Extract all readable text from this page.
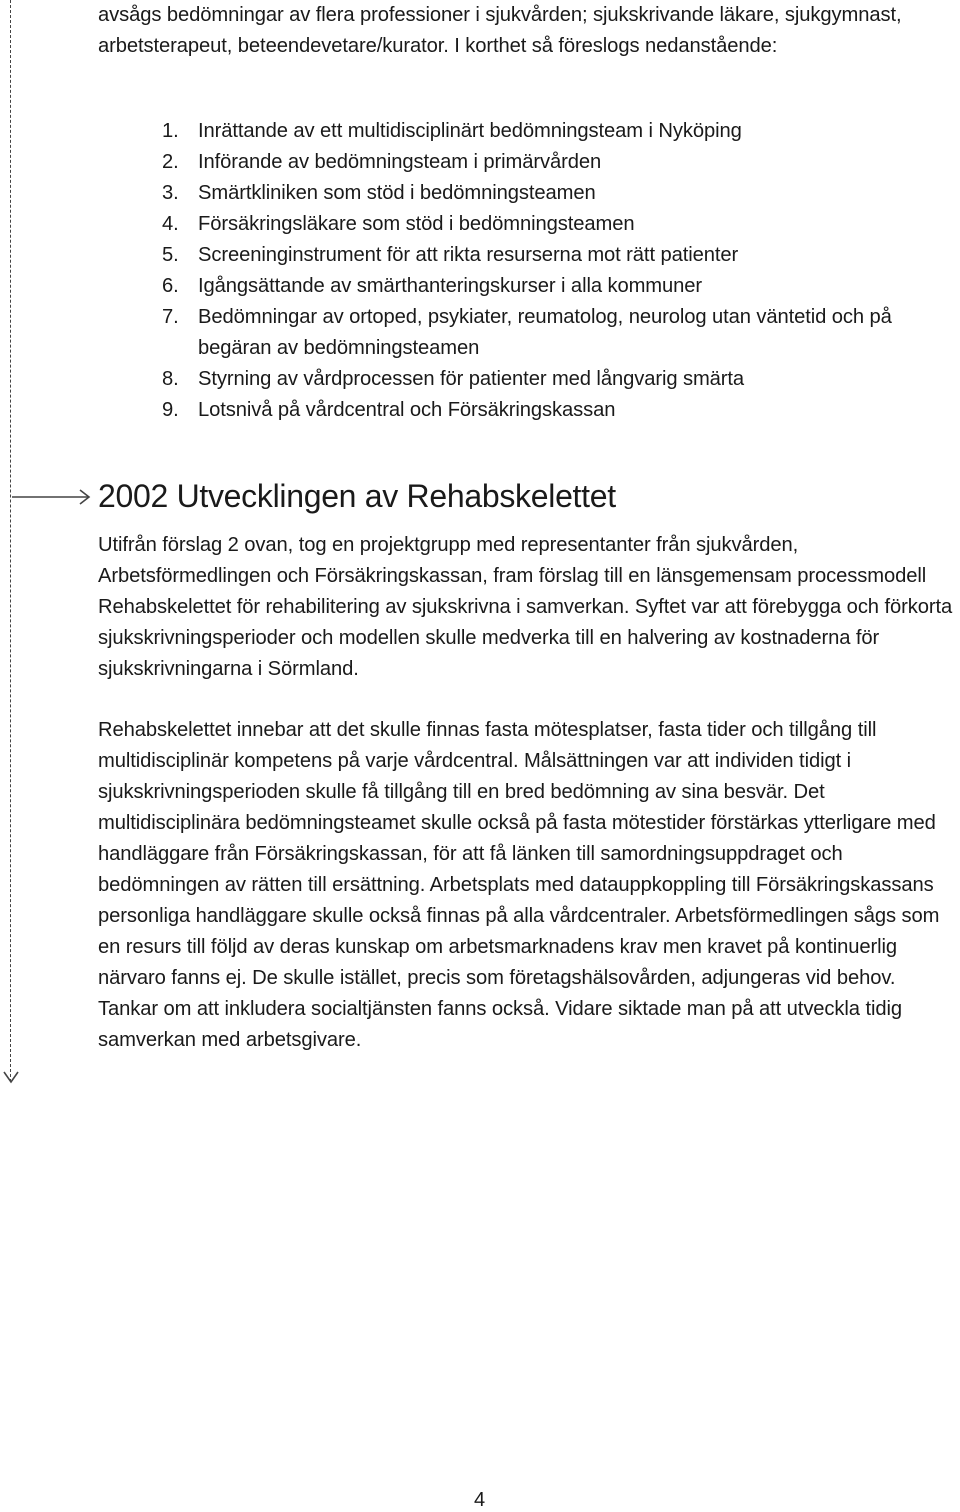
avsågs bedömningar av flera professioner i sjukvården; sjukskrivande läkare, sjukgymnast, arbetsterapeut, beteendevetare/kurator. I korthet så föreslogs nedanstående:

1. Inrättande av ett multidisciplinärt bedömningsteam i Nyköping
2. Införande av bedömningsteam i primärvården
3. Smärtkliniken som stöd i bedömningsteamen
4. Försäkringsläkare som stöd i bedömningsteamen
5. Screeninginstrument för att rikta resurserna mot rätt patienter
6. Igångsättande av smärthanteringskurser i alla kommuner
7. Bedömningar av ortoped, psykiater, reumatolog, neurolog utan väntetid och på begäran av bedömningsteamen
8. Styrning av vårdprocessen för patienter med långvarig smärta
9. Lotsnivå på vårdcentral och Försäkringskassan
2002 Utvecklingen av Rehabskelettet

Utifrån förslag 2 ovan, tog en projektgrupp med representanter från sjukvården, Arbetsförmedlingen och Försäkringskassan, fram förslag till en länsgemensam processmodell Rehabskelettet för rehabilitering av sjukskrivna i samverkan. Syftet var att förebygga och förkorta sjukskrivningsperioder och modellen skulle medverka till en halvering av kostnaderna för sjukskrivningarna i Sörmland.

Rehabskelettet innebar att det skulle finnas fasta mötesplatser, fasta tider och tillgång till multidisciplinär kompetens på varje vårdcentral. Målsättningen var att individen tidigt i sjukskrivningsperioden skulle få tillgång till en bred bedömning av sina besvär. Det multidisciplinära bedömningsteamet skulle också på fasta mötestider förstärkas ytterligare med handläggare från Försäkringskassan, för att få länken till samordningsuppdraget och bedömningen av rätten till ersättning. Arbetsplats med datauppkoppling till Försäkringskassans personliga handläggare skulle också finnas på alla vårdcentraler. Arbetsförmedlingen sågs som en resurs till följd av deras kunskap om arbetsmarknadens krav men kravet på kontinuerlig närvaro fanns ej. De skulle istället, precis som företagshälsovården, adjungeras vid behov. Tankar om att inkludera socialtjänsten fanns också. Vidare siktade man på att utveckla tidig samverkan med arbetsgivare.

4
